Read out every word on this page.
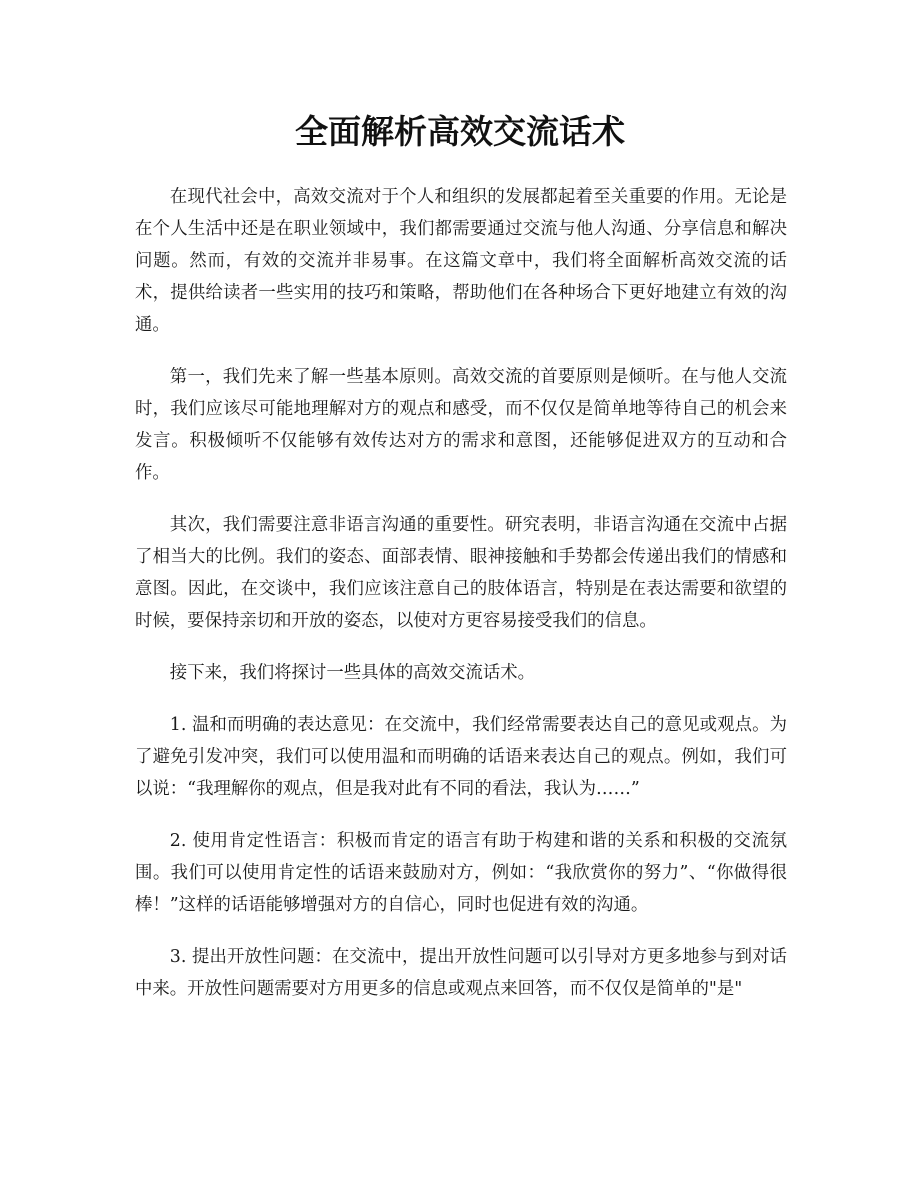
全面解析高效交流话术

在现代社会中，高效交流对于个人和组织的发展都起着至关重要的作用。无论是在个人生活中还是在职业领域中，我们都需要通过交流与他人沟通、分享信息和解决问题。然而，有效的交流并非易事。在这篇文章中，我们将全面解析高效交流的话术，提供给读者一些实用的技巧和策略，帮助他们在各种场合下更好地建立有效的沟通。

第一，我们先来了解一些基本原则。高效交流的首要原则是倾听。在与他人交流时，我们应该尽可能地理解对方的观点和感受，而不仅仅是简单地等待自己的机会来发言。积极倾听不仅能够有效传达对方的需求和意图，还能够促进双方的互动和合作。

其次，我们需要注意非语言沟通的重要性。研究表明，非语言沟通在交流中占据了相当大的比例。我们的姿态、面部表情、眼神接触和手势都会传递出我们的情感和意图。因此，在交谈中，我们应该注意自己的肢体语言，特别是在表达需要和欲望的时候，要保持亲切和开放的姿态，以使对方更容易接受我们的信息。

接下来，我们将探讨一些具体的高效交流话术。

1. 温和而明确的表达意见：在交流中，我们经常需要表达自己的意见或观点。为了避免引发冲突，我们可以使用温和而明确的话语来表达自己的观点。例如，我们可以说：“我理解你的观点，但是我对此有不同的看法，我认为……”

2. 使用肯定性语言：积极而肯定的语言有助于构建和谐的关系和积极的交流氛围。我们可以使用肯定性的话语来鼓励对方，例如：“我欣赏你的努力”、“你做得很棒！”这样的话语能够增强对方的自信心，同时也促进有效的沟通。

3. 提出开放性问题：在交流中，提出开放性问题可以引导对方更多地参与到对话中来。开放性问题需要对方用更多的信息或观点来回答，而不仅仅是简单的"是"
